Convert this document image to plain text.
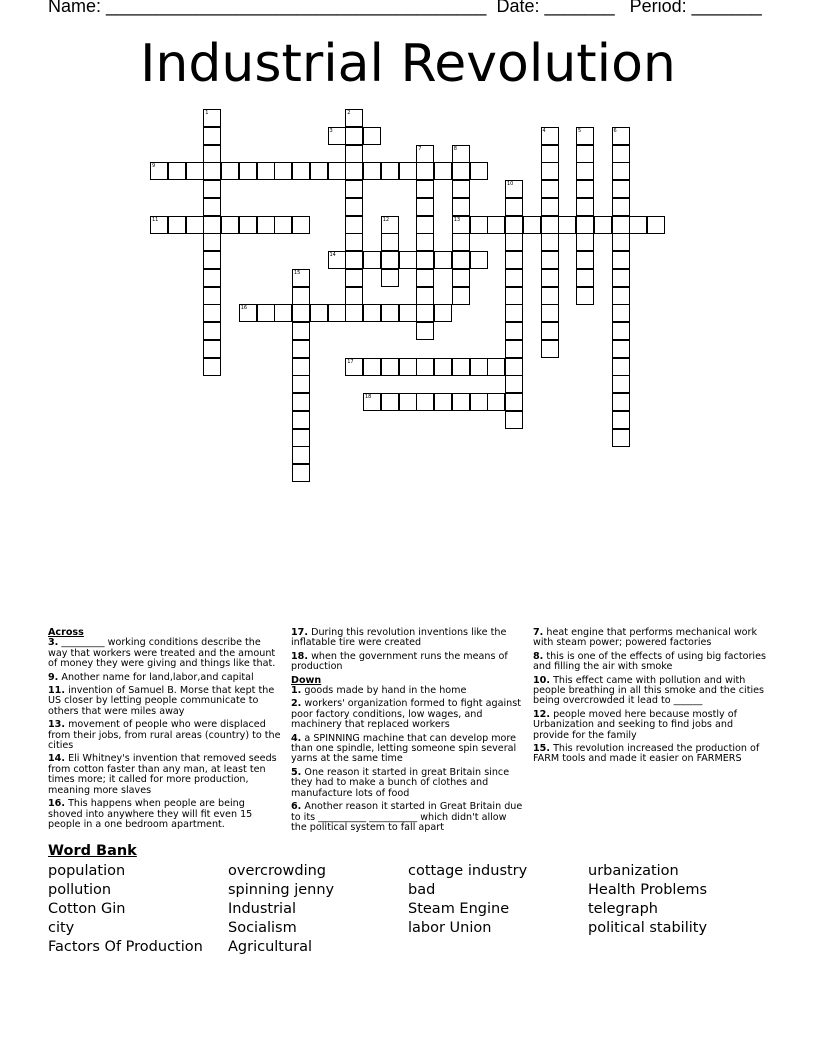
Name: ______________________________________ Date: _______ Period: _______
Industrial Revolution
1	2
3	4	5	6
7	8
13
9
10
11	12
14
15
16
17
18

Across

3. _________ working conditions describe the way that workers were treated and the amount of money they were giving and things like that.

9. Another name for land,labor,and capital

11. invention of Samuel B. Morse that kept the US closer by letting people communicate to others that were miles away

13. movement of people who were displaced from their jobs, from rural areas (country) to the cities

14. Eli Whitney's invention that removed seeds from cotton faster than any man, at least ten times more; it called for more production, meaning more slaves

16. This happens when people are being shoved into anywhere they will fit even 15 people in a one bedroom apartment.

17. During this revolution inventions like the inflatable tire were created

18. when the government runs the means of production

Down

1. goods made by hand in the home

2. workers' organization formed to fight against poor factory conditions, low wages, and machinery that replaced workers

4. a SPINNING machine that can develop more than one spindle, letting someone spin several yarns at the same time

5. One reason it started in great Britain since they had to make a bunch of clothes and manufacture lots of food

6. Another reason it started in Great Britain due to its __________ __________ which didn't allow the political system to fall apart

7. heat engine that performs mechanical work with steam power; powered factories

8. this is one of the effects of using big factories and filling the air with smoke

10. This effect came with pollution and with people breathing in all this smoke and the cities being overcrowded it lead to ______

12. people moved here because mostly of Urbanization and seeking to find jobs and provide for the family

15. This revolution increased the production of FARM tools and made it easier on FARMERS

Word Bank
population
pollution
Cotton Gin
city
Factors Of Production
overcrowding
spinning jenny
Industrial
Socialism
Agricultural
cottage industry
bad
Steam Engine
labor Union
urbanization
Health Problems
telegraph
political stability
